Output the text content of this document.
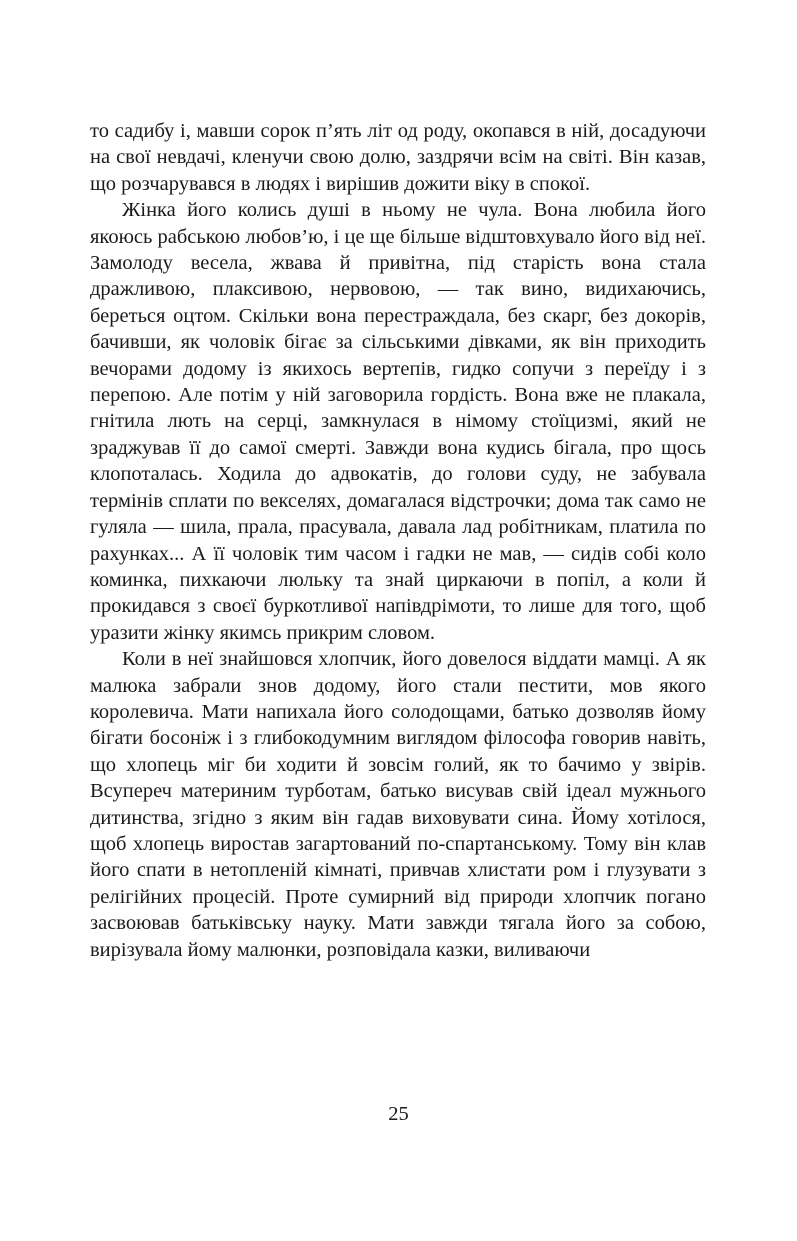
то садибу і, мавши сорок п’ять літ од роду, окопався в ній, досадуючи на свої невдачі, кленучи свою долю, заздрячи всім на світі. Він казав, що розчарувався в людях і вирішив дожити віку в спокої.

Жінка його колись душі в ньому не чула. Вона любила його якоюсь рабською любов’ю, і це ще більше відштовхувало його від неї. Замолоду весела, жвава й привітна, під старість вона стала дражливою, плаксивою, нервовою, — так вино, видихаючись, береться оцтом. Скільки вона перестраждала, без скарг, без докорів, бачивши, як чоловік бігає за сільськими дівками, як він приходить вечорами додому із якихось вертепів, гидко сопучи з переїду і з перепою. Але потім у ній заговорила гордість. Вона вже не плакала, гнітила лють на серці, замкнулася в німому стоїцизмі, який не зраджував її до самої смерті. Завжди вона кудись бігала, про щось клопоталась. Ходила до адвокатів, до голови суду, не забувала термінів сплати по векселях, домагалася відстрочки; дома так само не гуляла — шила, прала, прасувала, давала лад робітникам, платила по рахунках... А її чоловік тим часом і гадки не мав, — сидів собі коло коминка, пихкаючи люльку та знай циркаючи в попіл, а коли й прокидався з своєї буркотливої напівдрімоти, то лише для того, щоб уразити жінку якимсь прикрим словом.

Коли в неї знайшовся хлопчик, його довелося віддати мамці. А як малюка забрали знов додому, його стали пестити, мов якого королевича. Мати напихала його солодощами, батько дозволяв йому бігати босоніж і з глибокодумним виглядом філософа говорив навіть, що хлопець міг би ходити й зовсім голий, як то бачимо у звірів. Всупереч материним турботам, батько висував свій ідеал мужнього дитинства, згідно з яким він гадав виховувати сина. Йому хотілося, щоб хлопець виростав загартований по-спартанському. Тому він клав його спати в нетопленій кімнаті, привчав хлистати ром і глузувати з релігійних процесій. Проте сумирний від природи хлопчик погано засвоював батьківську науку. Мати завжди тягала його за собою, вирізувала йому малюнки, розповідала казки, виливаючи

25
